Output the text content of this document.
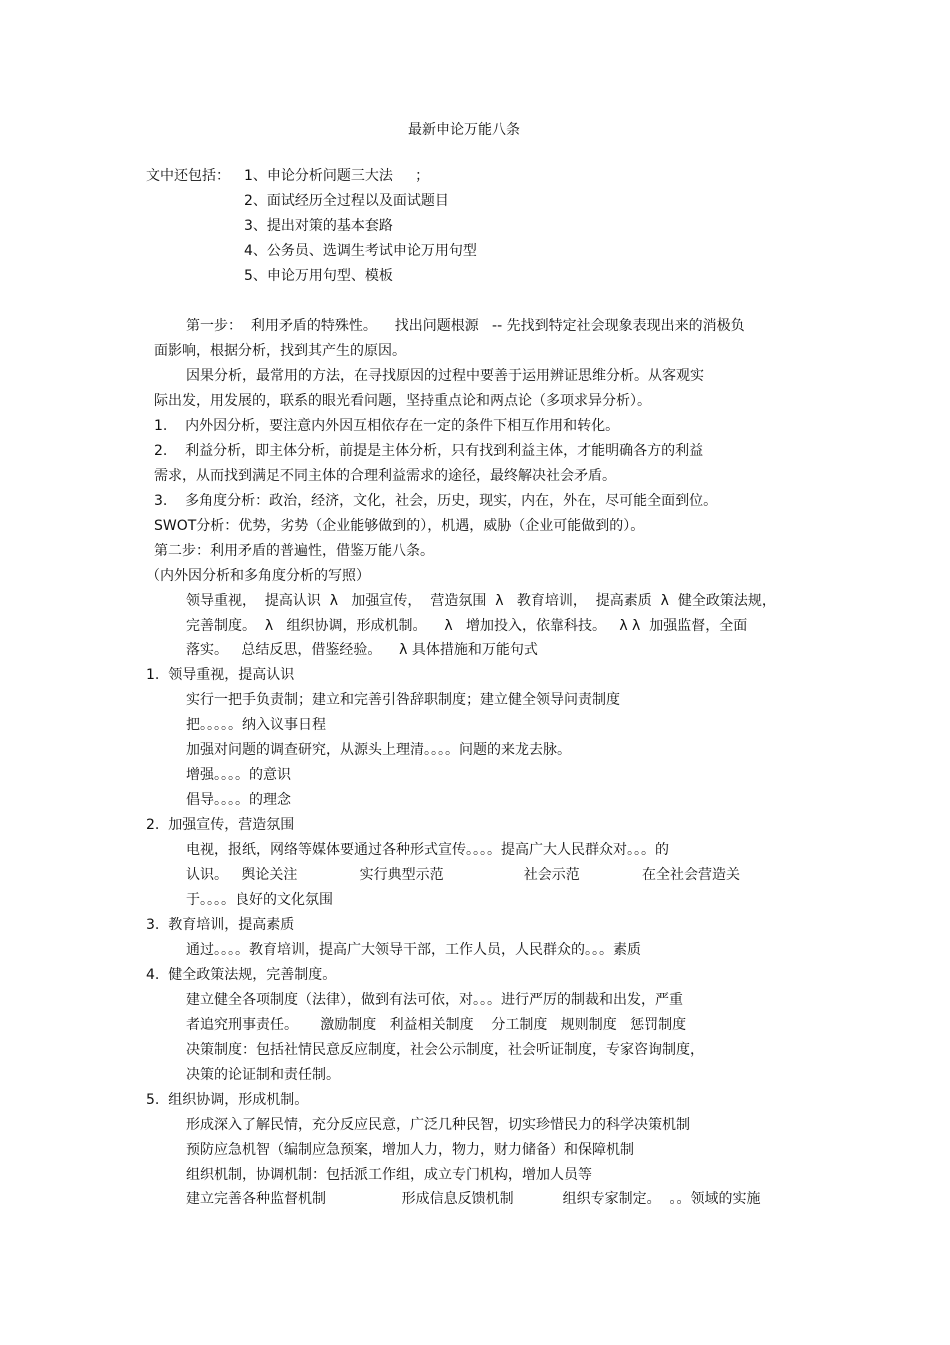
最新申论万能八条
文中还包括： 1、申论分析问题三大法     ；
2、面试经历全过程以及面试题目
3、提出对策的基本套路
4、公务员、选调生考试申论万用句型
5、申论万用句型、模板
第一步：  利用矛盾的特殊性。    找出问题根源   -- 先找到特定社会现象表现出来的消极负
面影响，根据分析，找到其产生的原因。
因果分析，最常用的方法，在寻找原因的过程中要善于运用辨证思维分析。从客观实
际出发，用发展的，联系的眼光看问题，坚持重点论和两点论（多项求异分析）。
1.    内外因分析，要注意内外因互相依存在一定的条件下相互作用和转化。
2.    利益分析，即主体分析，前提是主体分析，只有找到利益主体，才能明确各方的利益
需求，从而找到满足不同主体的合理利益需求的途径，最终解决社会矛盾。
3.    多角度分析：政治，经济，文化，社会，历史，现实，内在，外在，尽可能全面到位。
SWOT分析：优势，劣势（企业能够做到的），机遇，威胁（企业可能做到的）。
第二步：利用矛盾的普遍性，借鉴万能八条。
（内外因分析和多角度分析的写照）
领导重视，  提高认识  λ   加强宣传，  营造氛围  λ   教育培训，  提高素质  λ  健全政策法规，
完善制度。  λ   组织协调，形成机制。    λ   增加投入，依靠科技。   λ λ  加强监督，全面
落实。   总结反思，借鉴经验。    λ 具体措施和万能句式
1.  领导重视，提高认识
实行一把手负责制；建立和完善引咎辞职制度；建立健全领导问责制度
把。。。。。纳入议事日程
加强对问题的调查研究，从源头上理清。。。。问题的来龙去脉。
增强。。。。的意识
倡导。。。。的理念
2.  加强宣传，营造氛围
电视，报纸，网络等媒体要通过各种形式宣传。。。。提高广大人民群众对。。。的
认识。   舆论关注              实行典型示范                  社会示范              在全社会营造关
于。。。。良好的文化氛围
3.  教育培训，提高素质
通过。。。。教育培训，提高广大领导干部，工作人员，人民群众的。。。素质
4.  健全政策法规，完善制度。
建立健全各项制度（法律），做到有法可依，对。。。进行严厉的制裁和出发，严重
者追究刑事责任。     激励制度   利益相关制度    分工制度   规则制度   惩罚制度
决策制度：包括社情民意反应制度，社会公示制度，社会听证制度，专家咨询制度，
决策的论证制和责任制。
5.  组织协调，形成机制。
形成深入了解民情，充分反应民意，广泛几种民智，切实珍惜民力的科学决策机制
预防应急机智（编制应急预案，增加人力，物力，财力储备）和保障机制
组织机制，协调机制：包括派工作组，成立专门机构，增加人员等
建立完善各种监督机制                 形成信息反馈机制           组织专家制定。  。。领域的实施
